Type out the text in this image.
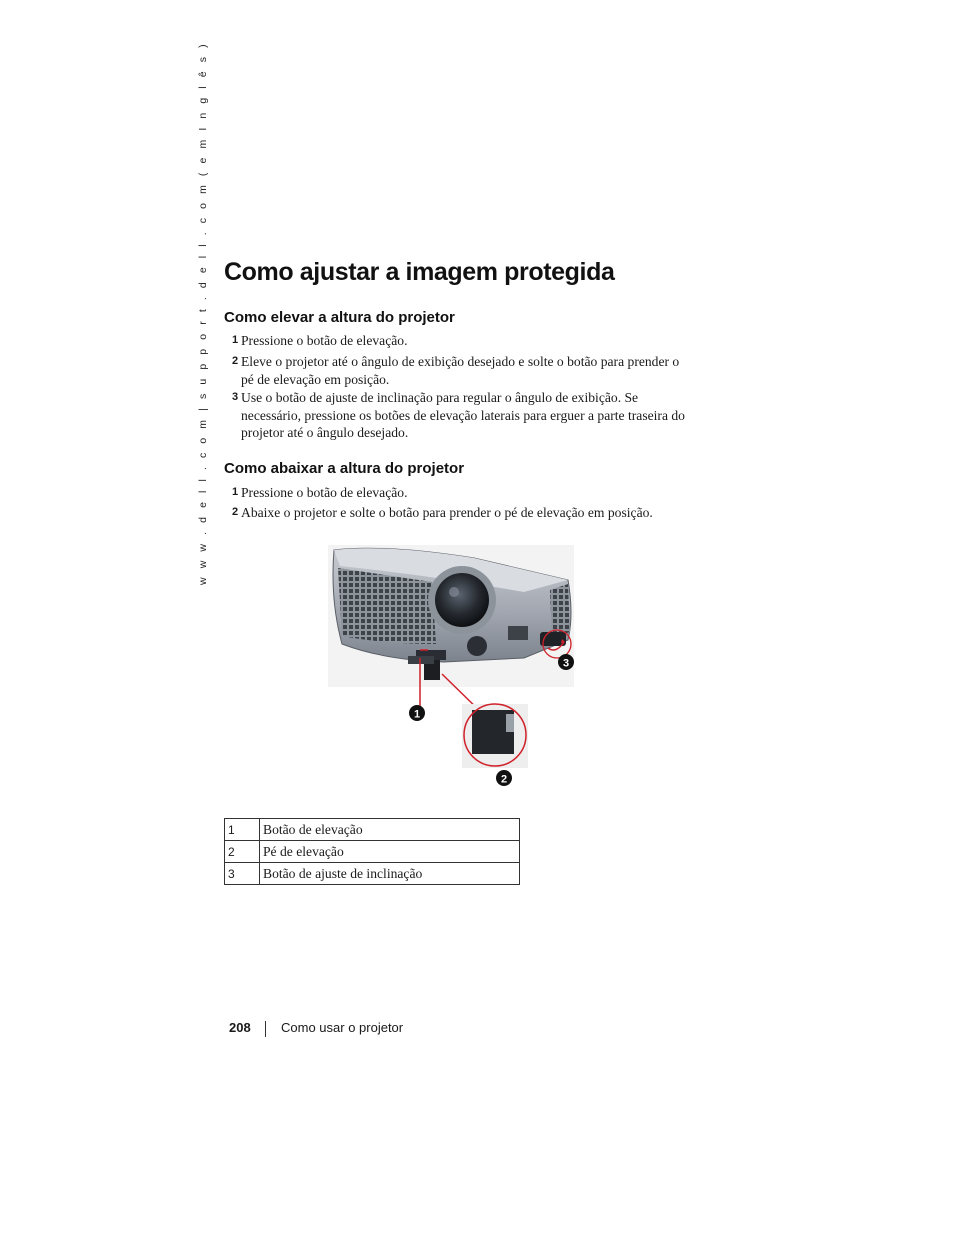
w w w . d e l l . c o m | s u p p o r t . d e l l . c o m ( e m I n g l ê s ) Como ajustar a imagem protegida
Como elevar a altura do projetor
1 Pressione o botão de elevação.
2 Eleve o projetor até o ângulo de exibição desejado e solte o botão para prender o pé de elevação em posição.
3 Use o botão de ajuste de inclinação para regular o ângulo de exibição. Se necessário, pressione os botões de elevação laterais para erguer a parte traseira do projetor até o ângulo desejado.
Como abaixar a altura do projetor
1 Pressione o botão de elevação.
2 Abaixe o projetor e solte o botão para prender o pé de elevação em posição.
1
2
3
1	Botão de elevação
2	Pé de elevação
3	Botão de ajuste de inclinação
208 Como usar o projetor
